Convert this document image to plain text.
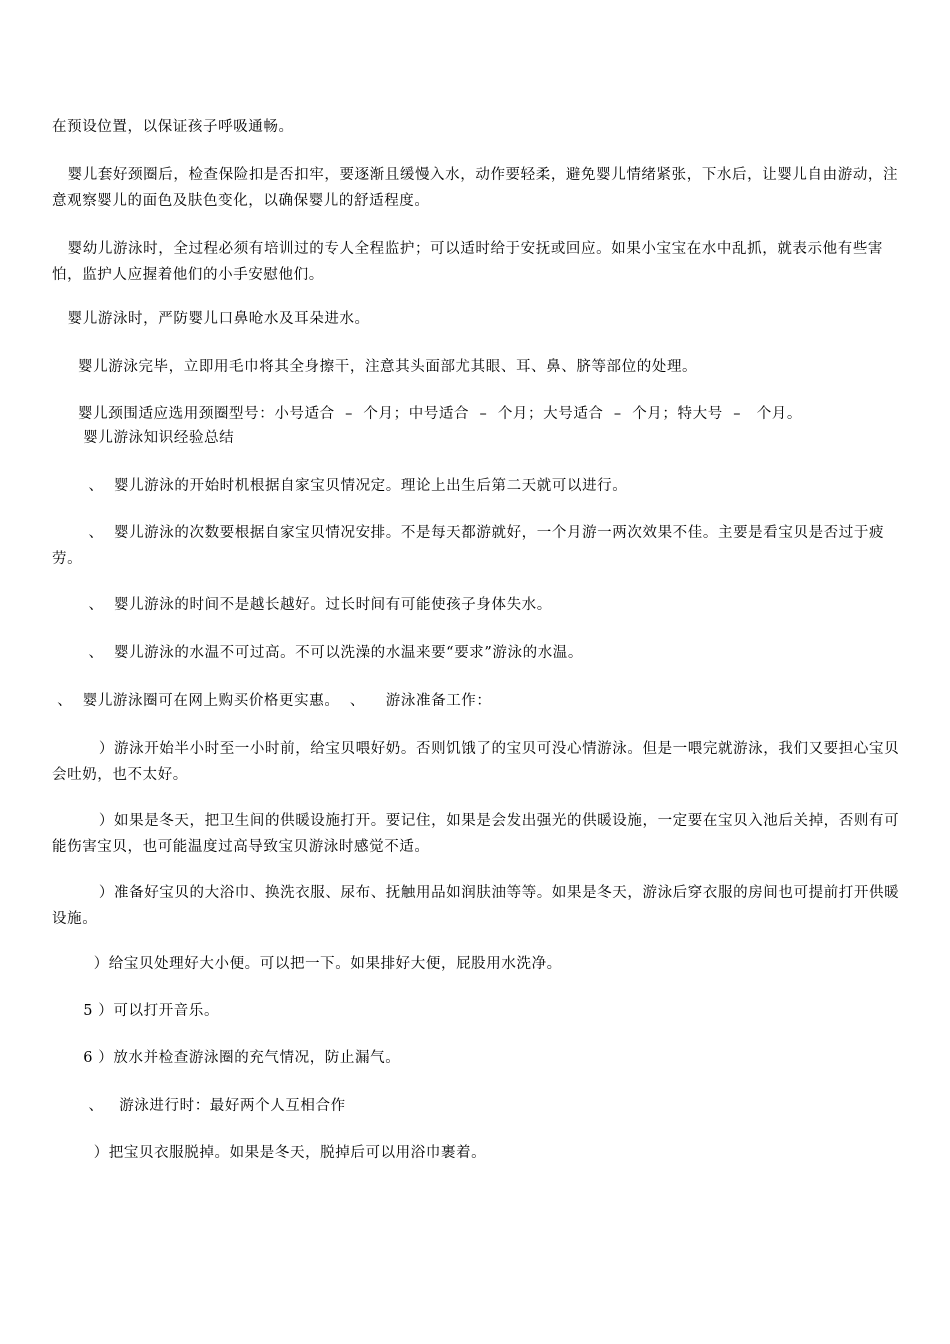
在预设位置，以保证孩子呼吸通畅。

婴儿套好颈圈后，检查保险扣是否扣牢，要逐渐且缓慢入水，动作要轻柔，避免婴儿情绪紧张，下水后，让婴儿自由游动，注意观察婴儿的面色及肤色变化，以确保婴儿的舒适程度。

婴幼儿游泳时，全过程必须有培训过的专人全程监护；可以适时给于安抚或回应。如果小宝宝在水中乱抓，就表示他有些害怕，监护人应握着他们的小手安慰他们。

婴儿游泳时，严防婴儿口鼻呛水及耳朵进水。

婴儿游泳完毕，立即用毛巾将其全身擦干，注意其头面部尤其眼、耳、鼻、脐等部位的处理。

婴儿颈围适应选用颈圈型号：小号适合  –  个月；中号适合  –  个月；大号适合  –  个月；特大号  –   个月。

婴儿游泳知识经验总结

、  婴儿游泳的开始时机根据自家宝贝情况定。理论上出生后第二天就可以进行。

、  婴儿游泳的次数要根据自家宝贝情况安排。不是每天都游就好，一个月游一两次效果不佳。主要是看宝贝是否过于疲劳。

、  婴儿游泳的时间不是越长越好。过长时间有可能使孩子身体失水。

、  婴儿游泳的水温不可过高。不可以洗澡的水温来要“要求”游泳的水温。

、  婴儿游泳圈可在网上购买价格更实惠。  、    游泳准备工作：

）游泳开始半小时至一小时前，给宝贝喂好奶。否则饥饿了的宝贝可没心情游泳。但是一喂完就游泳，我们又要担心宝贝会吐奶，也不太好。

）如果是冬天，把卫生间的供暖设施打开。要记住，如果是会发出强光的供暖设施，一定要在宝贝入池后关掉，否则有可能伤害宝贝，也可能温度过高导致宝贝游泳时感觉不适。

）准备好宝贝的大浴巾、换洗衣服、尿布、抚触用品如润肤油等等。如果是冬天，游泳后穿衣服的房间也可提前打开供暖设施。

）给宝贝处理好大小便。可以把一下。如果排好大便，屁股用水洗净。

5 ）可以打开音乐。

6 ）放水并检查游泳圈的充气情况，防止漏气。

、   游泳进行时：最好两个人互相合作

）把宝贝衣服脱掉。如果是冬天，脱掉后可以用浴巾裹着。
